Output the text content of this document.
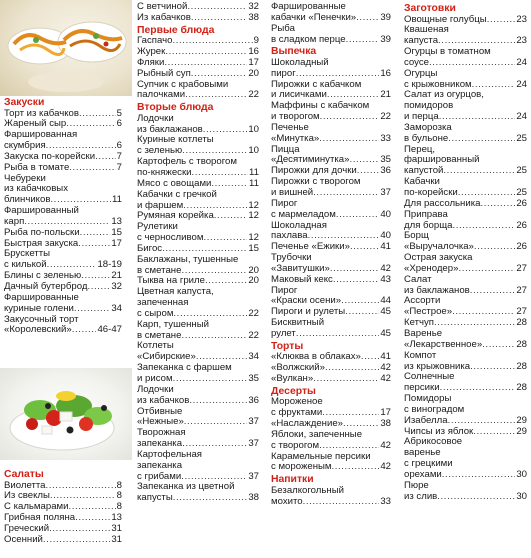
Закуски
Торт из кабачков .....	5
Жареный сыр .....	6
Фаршированная
скумбрия .....	6
Закуска по-корейски ..... 7
Рыба в томате .....	7
Чебуреки
из кабачковых
блинчиков .....	11
Фаршированный
карп .....	13
Рыба по-польски .....	15
Быстрая закуска .....	17
Брускетты
с килькой .....	18-19
Блины с зеленью .....	21
Дачный бутерброд ..... 32
Фаршированные
куриные голени .....	34
Закусочный торт
«Королевский» .....	46-47
Салаты
Виолетта .....	8
Из свеклы .....	8
С кальмарами .....	8
Грибная поляна .....	13
Греческий .....	31
Осенний .....	31
С ветчиной .....	32
Из кабачков .....	38
Первые блюда
Гаспачо .....	9
Журек .....	16
Фляки .....	17
Рыбный суп .....	20
Супчик с крабовыми
палочками .....	22
Вторые блюда
Лодочки
из баклажанов .....	10
Куриные котлеты
с зеленью .....	10
Картофель с творогом
по-княжески .....	11
Мясо с овощами .....	11
Кабачки с гречкой
и фаршем .....	12
Румяная корейка .....	12
Рулетики
с черносливом .....	12
Бигос .....	15
Баклажаны, тушенные
в сметане .....	20
Тыква на гриле .....	20
Цветная капуста,
запеченная
с сыром .....	22
Карп, тушенный
в сметане .....	22
Котлеты
«Сибирские» .....	34
Запеканка с фаршем
и рисом .....	35
Лодочки
из кабачков .....	36
Отбивные
«Нежные» .....	37
Творожная
запеканка .....	37
Картофельная
запеканка
с грибами .....	37
Запеканка из цветной
капусты .....	38
Фаршированные
кабачки «Пенечки» .....	39
Рыба
в сладком перце .....	39
Выпечка
Шоколадный
пирог .....	16
Пирожки с кабачком
и лисичками .....	21
Маффины с кабачком
и творогом .....	22
Печенье
«Минутка» .....	33
Пицца
«Десятиминутка» .....	35
Пирожки для дочки ..... 36
Пирожки с творогом
и вишней .....	37
Пирог
с мармеладом .....	40
Шоколадная
пахлава .....	40
Печенье «Ежики» .....	41
Трубочки
«Завитушки» .....	42
Маковый кекс .....	43
Пирог
«Краски осени» .....	44
Пироги и рулеты .....	45
Бисквитный
рулет .....	45
Торты
«Клюква в облаках» ..... 41
«Волжский» .....	42
«Вулкан» .....	42
Десерты
Мороженое
с фруктами .....	17
«Наслаждение» .....	38
Яблоки, запеченные
с творогом .....	42
Карамельные персики
с мороженым .....	42
Напитки
Безалкогольный
мохито .....	33
Заготовки
Овощные голубцы .....	23
Квашеная
капуста .....	23
Огурцы в томатном
соусе .....	24
Огурцы
с крыжовником .....	24
Салат из огурцов,
помидоров
и перца .....	24
Заморозка
в бульоне .....	25
Перец,
фаршированный
капустой .....	25
Кабачки
по-корейски .....	25
Для рассольника .....	26
Приправа
для борща .....	26
Борщ
«Выручалочка» .....	26
Острая закуска
«Хренодер» .....	27
Салат
из баклажанов .....	27
Ассорти
«Пестрое» .....	27
Кетчуп .....	28
Варенье
«Лекарственное» .....	28
Компот
из крыжовника .....	28
Солнечные
персики .....	28
Помидоры
с виноградом
Изабелла .....	29
Чипсы из яблок .....	29
Абрикосовое
варенье
с грецкими
орехами .....	30
Пюре
из слив .....	30
